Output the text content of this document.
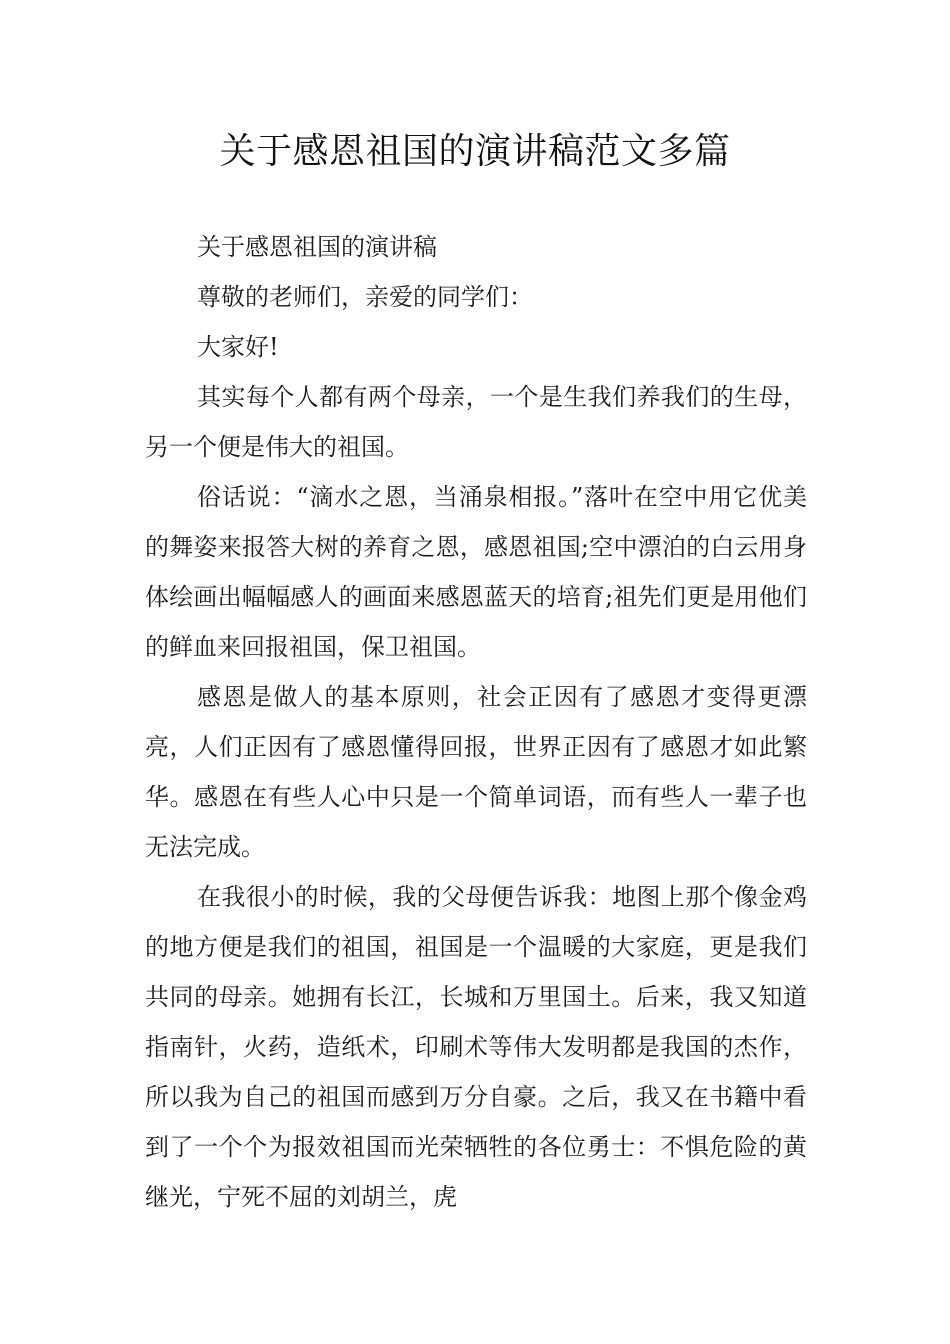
关于感恩祖国的演讲稿范文多篇

关于感恩祖国的演讲稿

尊敬的老师们，亲爱的同学们：

大家好!

其实每个人都有两个母亲，一个是生我们养我们的生母，另一个便是伟大的祖国。

俗话说：“滴水之恩，当涌泉相报。”落叶在空中用它优美的舞姿来报答大树的养育之恩，感恩祖国;空中漂泊的白云用身体绘画出幅幅感人的画面来感恩蓝天的培育;祖先们更是用他们的鲜血来回报祖国，保卫祖国。

感恩是做人的基本原则，社会正因有了感恩才变得更漂亮，人们正因有了感恩懂得回报，世界正因有了感恩才如此繁华。感恩在有些人心中只是一个简单词语，而有些人一辈子也无法完成。

在我很小的时候，我的父母便告诉我：地图上那个像金鸡的地方便是我们的祖国，祖国是一个温暖的大家庭，更是我们共同的母亲。她拥有长江，长城和万里国土。后来，我又知道指南针，火药，造纸术，印刷术等伟大发明都是我国的杰作，所以我为自己的祖国而感到万分自豪。之后，我又在书籍中看到了一个个为报效祖国而光荣牺牲的各位勇士：不惧危险的黄继光，宁死不屈的刘胡兰，虎
